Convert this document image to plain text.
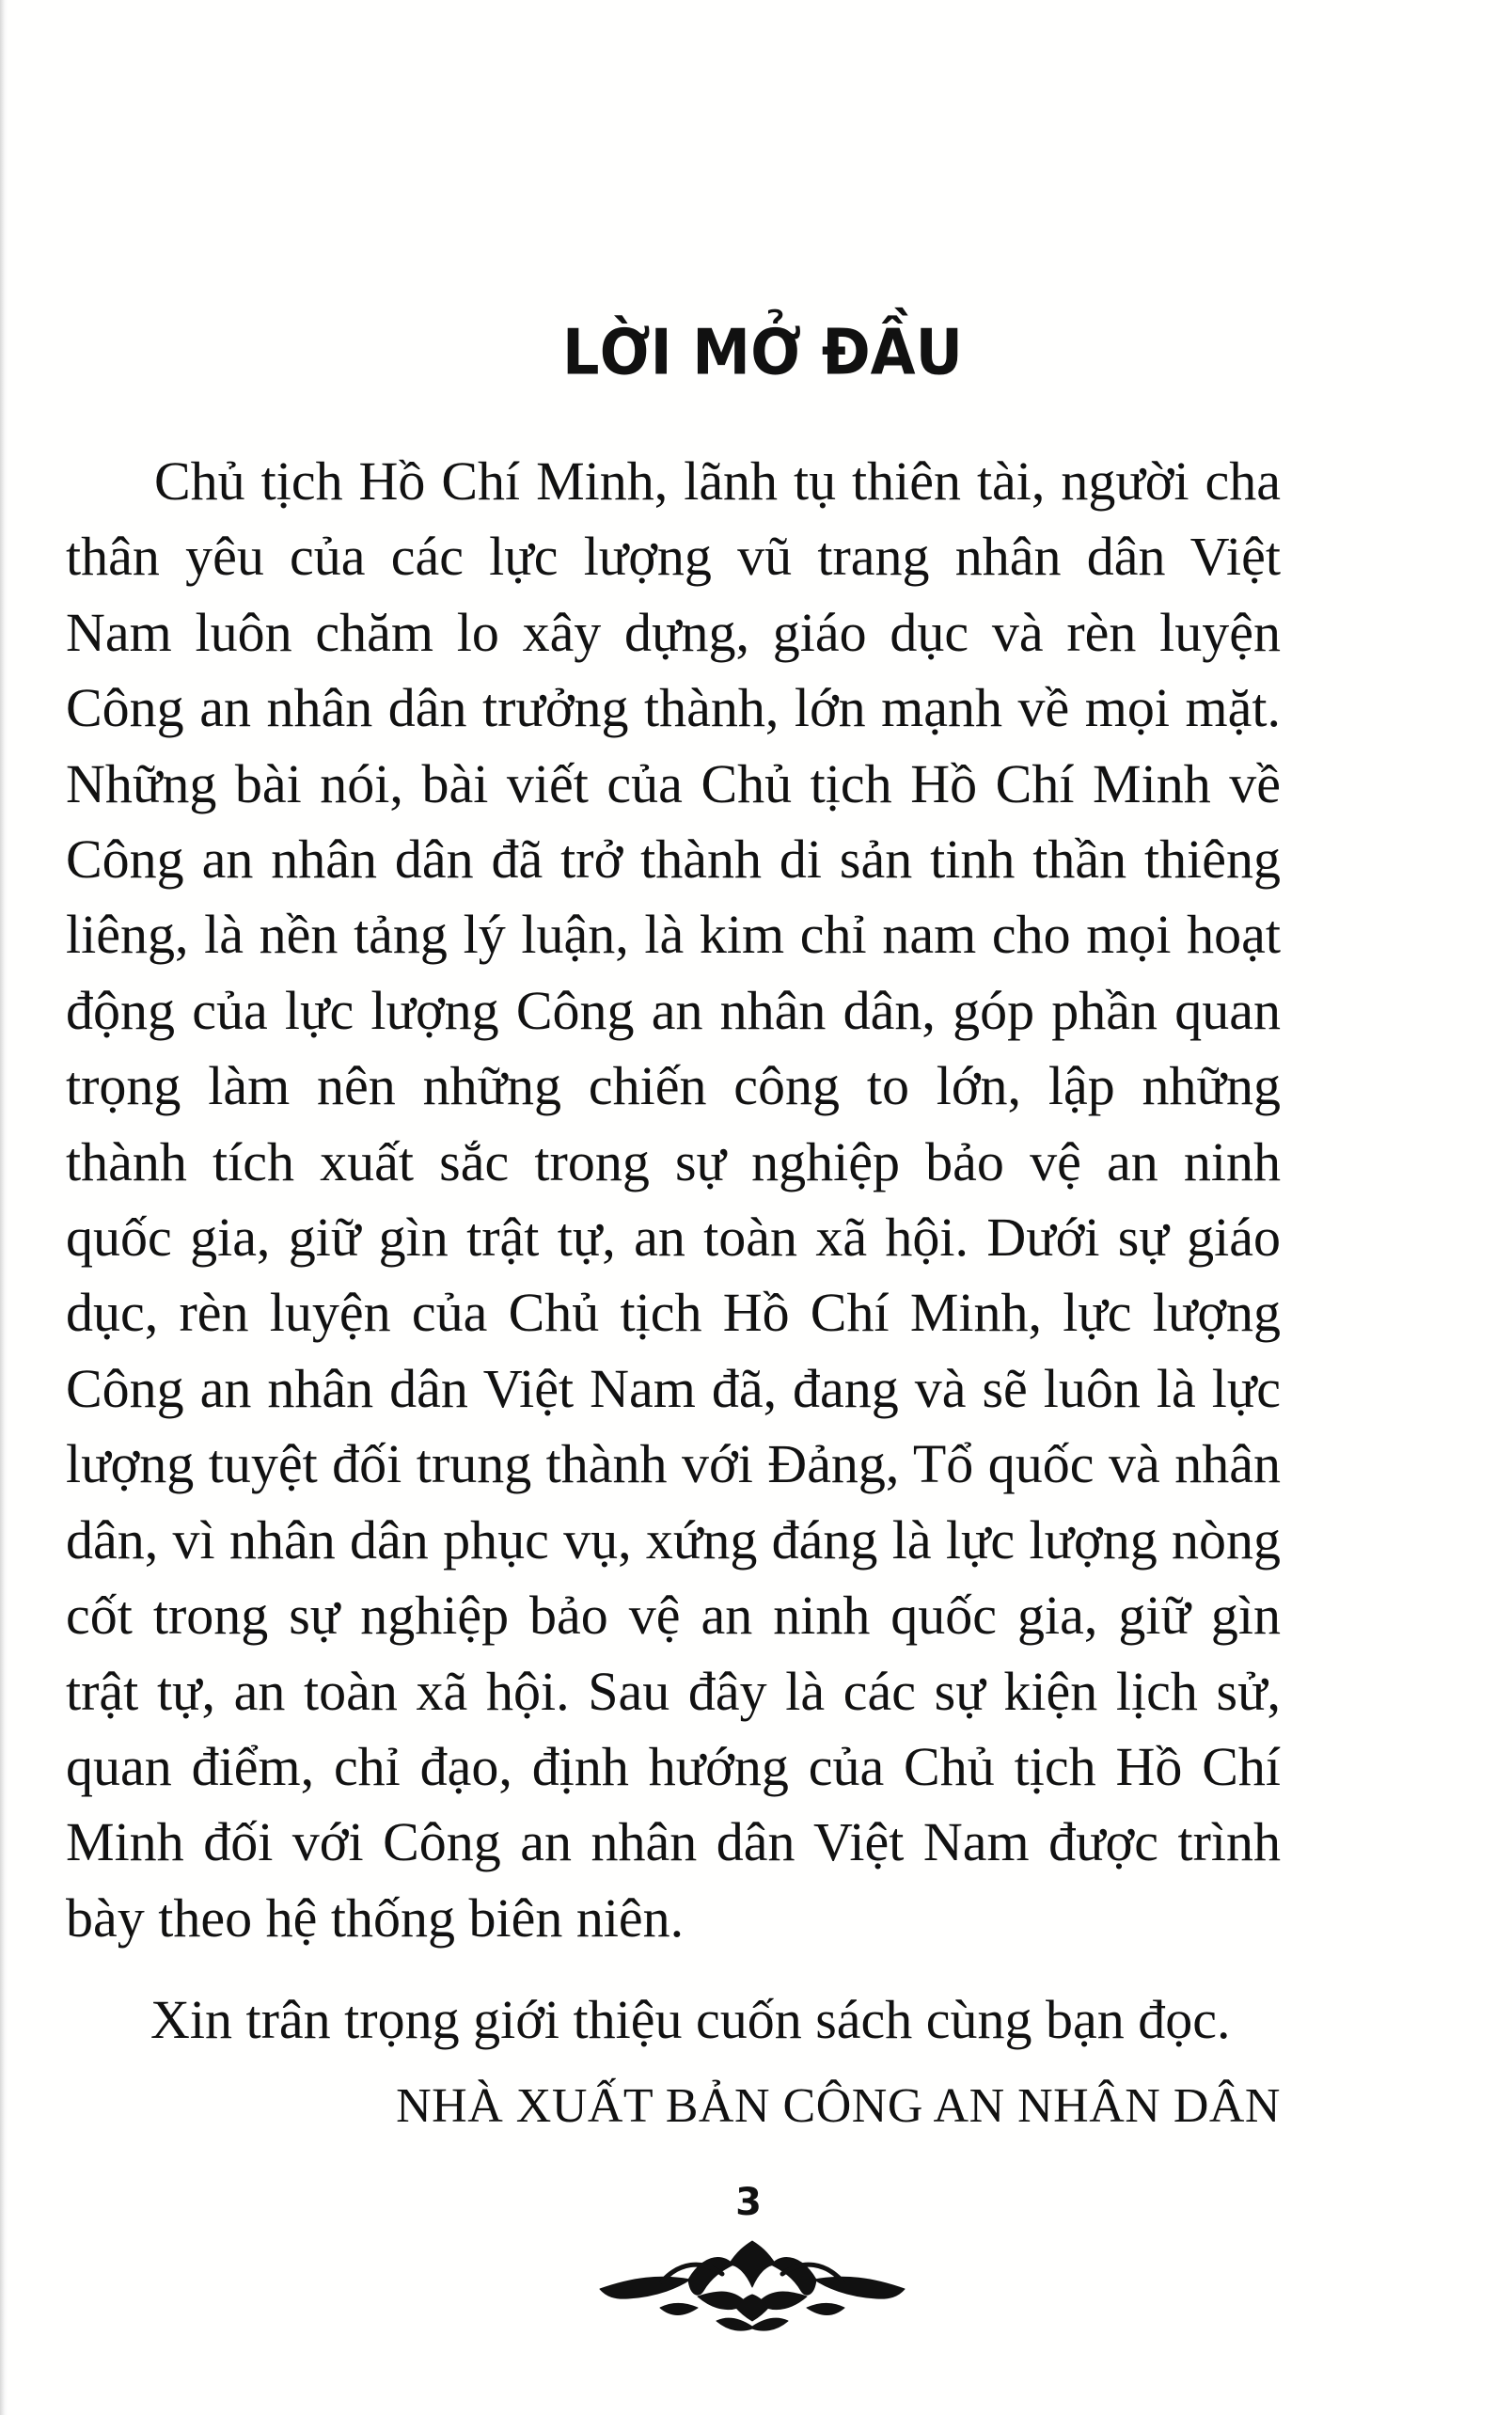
LỜI MỞ ĐẦU

Chủ tịch Hồ Chí Minh, lãnh tụ thiên tài, người cha thân yêu của các lực lượng vũ trang nhân dân Việt Nam luôn chăm lo xây dựng, giáo dục và rèn luyện Công an nhân dân trưởng thành, lớn mạnh về mọi mặt. Những bài nói, bài viết của Chủ tịch Hồ Chí Minh về Công an nhân dân đã trở thành di sản tinh thần thiêng liêng, là nền tảng lý luận, là kim chỉ nam cho mọi hoạt động của lực lượng Công an nhân dân, góp phần quan trọng làm nên những chiến công to lớn, lập những thành tích xuất sắc trong sự nghiệp bảo vệ an ninh quốc gia, giữ gìn trật tự, an toàn xã hội. Dưới sự giáo dục, rèn luyện của Chủ tịch Hồ Chí Minh, lực lượng Công an nhân dân Việt Nam đã, đang và sẽ luôn là lực lượng tuyệt đối trung thành với Đảng, Tổ quốc và nhân dân, vì nhân dân phục vụ, xứng đáng là lực lượng nòng cốt trong sự nghiệp bảo vệ an ninh quốc gia, giữ gìn trật tự, an toàn xã hội. Sau đây là các sự kiện lịch sử, quan điểm, chỉ đạo, định hướng của Chủ tịch Hồ Chí Minh đối với Công an nhân dân Việt Nam được trình bày theo hệ thống biên niên.

Xin trân trọng giới thiệu cuốn sách cùng bạn đọc.

NHÀ XUẤT BẢN CÔNG AN NHÂN DÂN

3
